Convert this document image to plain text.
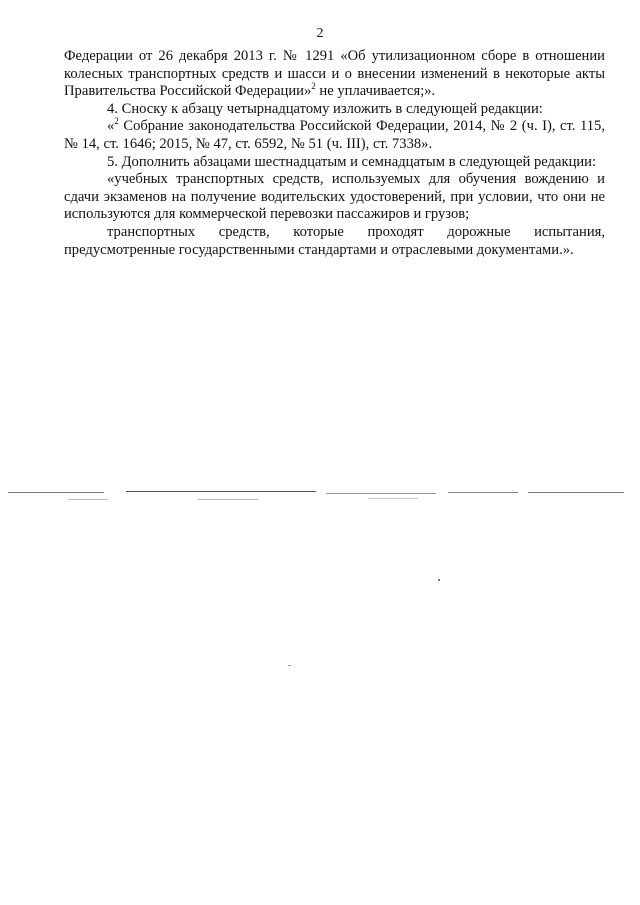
2

Федерации от 26 декабря 2013 г. № 1291 «Об утилизационном сборе в отношении колесных транспортных средств и шасси и о внесении изменений в некоторые акты Правительства Российской Федерации»$^2$ не уплачивается;».

4. Сноску к абзацу четырнадцатому изложить в следующей редакции:

«$^2$ Собрание законодательства Российской Федерации, 2014, № 2 (ч. I), ст. 115, № 14, ст. 1646; 2015, № 47, ст. 6592, № 51 (ч. III), ст. 7338».

5. Дополнить абзацами шестнадцатым и семнадцатым в следующей редакции:

«учебных транспортных средств, используемых для обучения вождению и сдачи экзаменов на получение водительских удостоверений, при условии, что они не используются для коммерческой перевозки пассажиров и грузов;

транспортных средств, которые проходят дорожные испытания, предусмотренные государственными стандартами и отраслевыми документами.».
